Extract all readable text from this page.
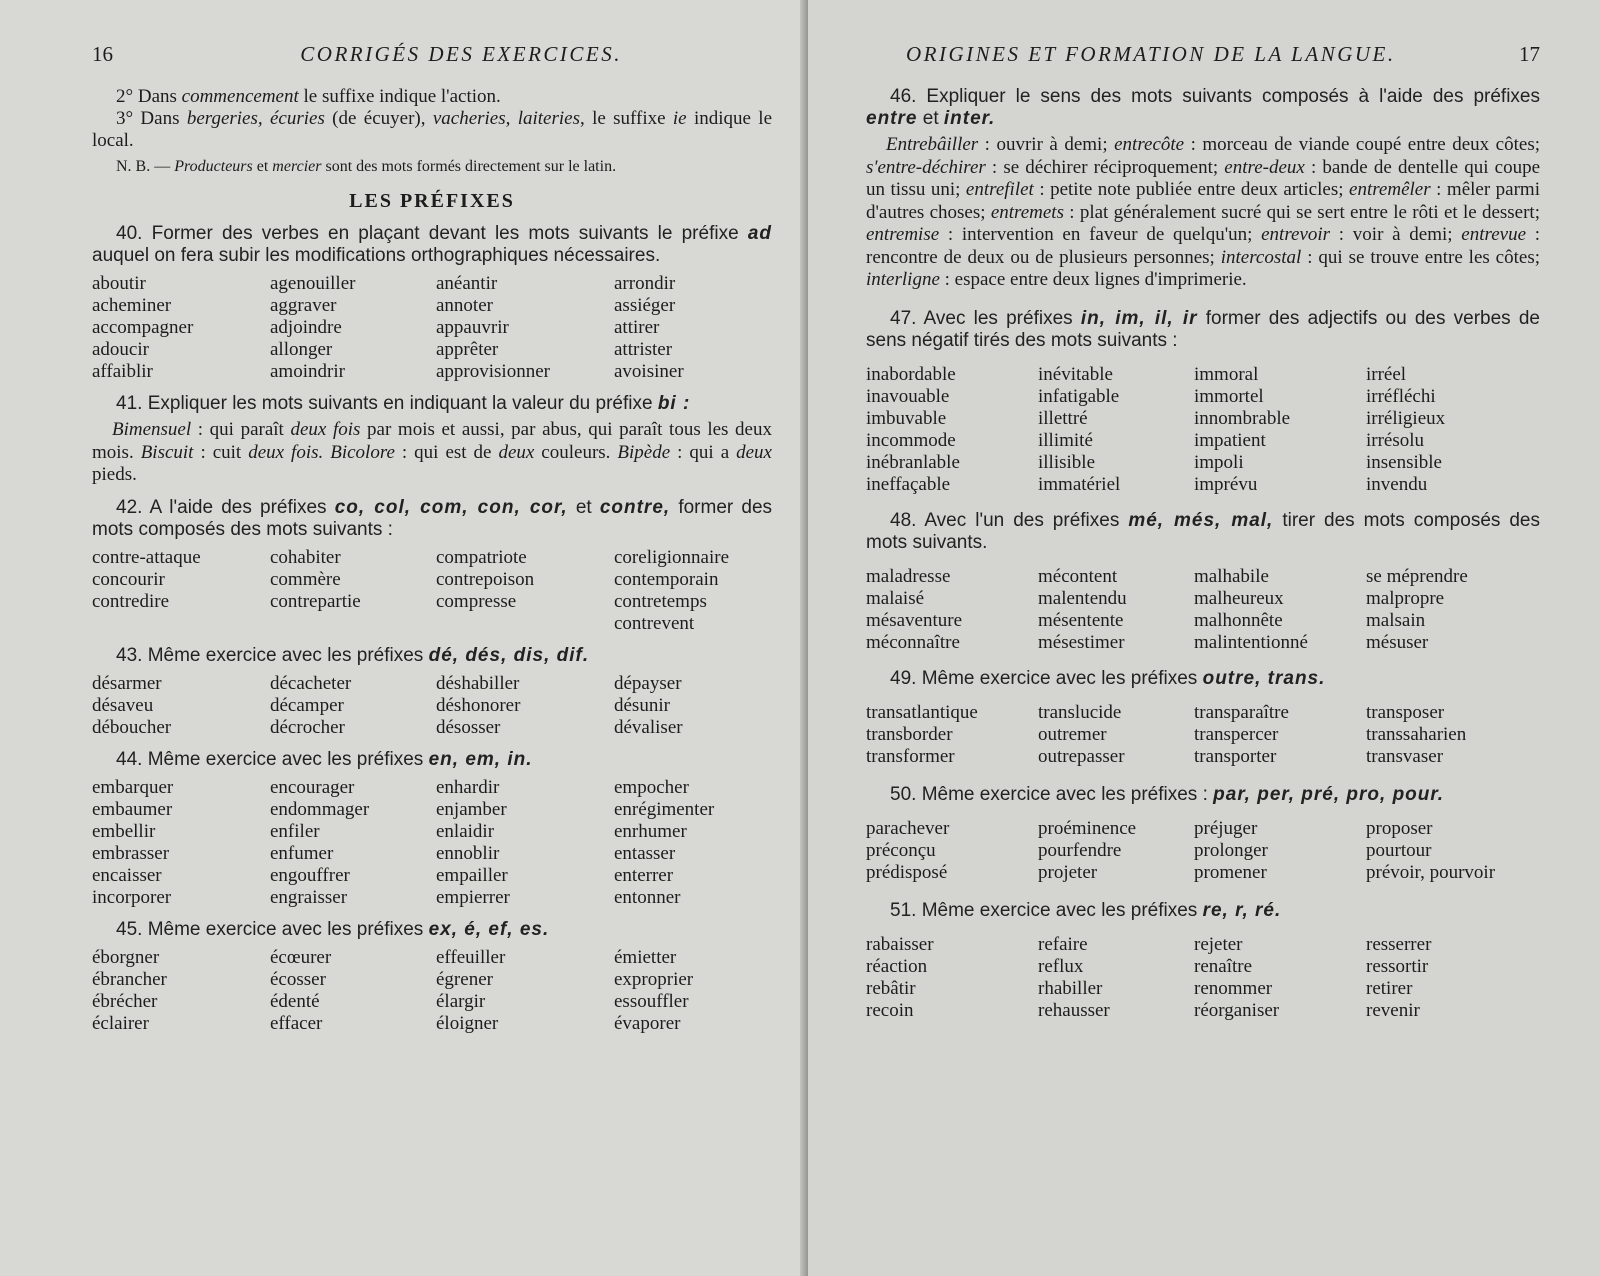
16	CORRIGÉS DES EXERCICES.

2° Dans commencement le suffixe indique l'action.

3° Dans bergeries, écuries (de écuyer), vacheries, laiteries, le suffixe ie indique le local.

N. B. — Producteurs et mercier sont des mots formés directement sur le latin.

LES PRÉFIXES

40. Former des verbes en plaçant devant les mots suivants le préfixe ad auquel on fera subir les modifications orthographiques nécessaires.

aboutir
acheminer
accompagner
adoucir
affaiblir
agenouiller
aggraver
adjoindre
allonger
amoindrir
anéantir
annoter
appauvrir
apprêter
approvisionner
arrondir
assiéger
attirer
attrister
avoisiner

41. Expliquer les mots suivants en indiquant la valeur du préfixe bi :

Bimensuel : qui paraît deux fois par mois et aussi, par abus, qui paraît tous les deux mois. Biscuit : cuit deux fois. Bicolore : qui est de deux couleurs. Bipède : qui a deux pieds.

42. A l'aide des préfixes co, col, com, con, cor, et contre, former des mots composés des mots suivants :

contre-attaque
concourir
contredire
cohabiter
commère
contrepartie
compatriote
contrepoison
compresse
coreligionnaire
contemporain
contretemps
contrevent

43. Même exercice avec les préfixes dé, dés, dis, dif.

désarmer
désaveu
déboucher
décacheter
décamper
décrocher
déshabiller
déshonorer
désosser
dépayser
désunir
dévaliser

44. Même exercice avec les préfixes en, em, in.

embarquer
embaumer
embellir
embrasser
encaisser
incorporer
encourager
endommager
enfiler
enfumer
engouffrer
engraisser
enhardir
enjamber
enlaidir
ennoblir
empailler
empierrer
empocher
enrégimenter
enrhumer
entasser
enterrer
entonner

45. Même exercice avec les préfixes ex, é, ef, es.

éborgner
ébrancher
ébrécher
éclairer
écœurer
écosser
édenté
effacer
effeuiller
égrener
élargir
éloigner
émietter
exproprier
essouffler
évaporer
ORIGINES ET FORMATION DE LA LANGUE.	17

46. Expliquer le sens des mots suivants composés à l'aide des préfixes entre et inter.

Entrebâiller : ouvrir à demi; entrecôte : morceau de viande coupé entre deux côtes; s'entre-déchirer : se déchirer réciproquement; entre-deux : bande de dentelle qui coupe un tissu uni; entrefilet : petite note publiée entre deux articles; entremêler : mêler parmi d'autres choses; entremets : plat généralement sucré qui se sert entre le rôti et le dessert; entremise : intervention en faveur de quelqu'un; entrevoir : voir à demi; entrevue : rencontre de deux ou de plusieurs personnes; intercostal : qui se trouve entre les côtes; interligne : espace entre deux lignes d'imprimerie.

47. Avec les préfixes in, im, il, ir former des adjectifs ou des verbes de sens négatif tirés des mots suivants :

inabordable
inavouable
imbuvable
incommode
inébranlable
ineffaçable
inévitable
infatigable
illettré
illimité
illisible
immatériel
immoral
immortel
innombrable
impatient
impoli
imprévu
irréel
irréfléchi
irréligieux
irrésolu
insensible
invendu

48. Avec l'un des préfixes mé, més, mal, tirer des mots composés des mots suivants.

maladresse
malaisé
mésaventure
méconnaître
mécontent
malentendu
mésentente
mésestimer
malhabile
malheureux
malhonnête
malintentionné
se méprendre
malpropre
malsain
mésuser

49. Même exercice avec les préfixes outre, trans.

transatlantique
transborder
transformer
translucide
outremer
outrepasser
transparaître
transpercer
transporter
transposer
transsaharien
transvaser

50. Même exercice avec les préfixes : par, per, pré, pro, pour.

parachever
préconçu
prédisposé
proéminence
pourfendre
projeter
préjuger
prolonger
promener
proposer
pourtour
prévoir, pourvoir

51. Même exercice avec les préfixes re, r, ré.

rabaisser
réaction
rebâtir
recoin
refaire
reflux
rhabiller
rehausser
rejeter
renaître
renommer
réorganiser
resserrer
ressortir
retirer
revenir
